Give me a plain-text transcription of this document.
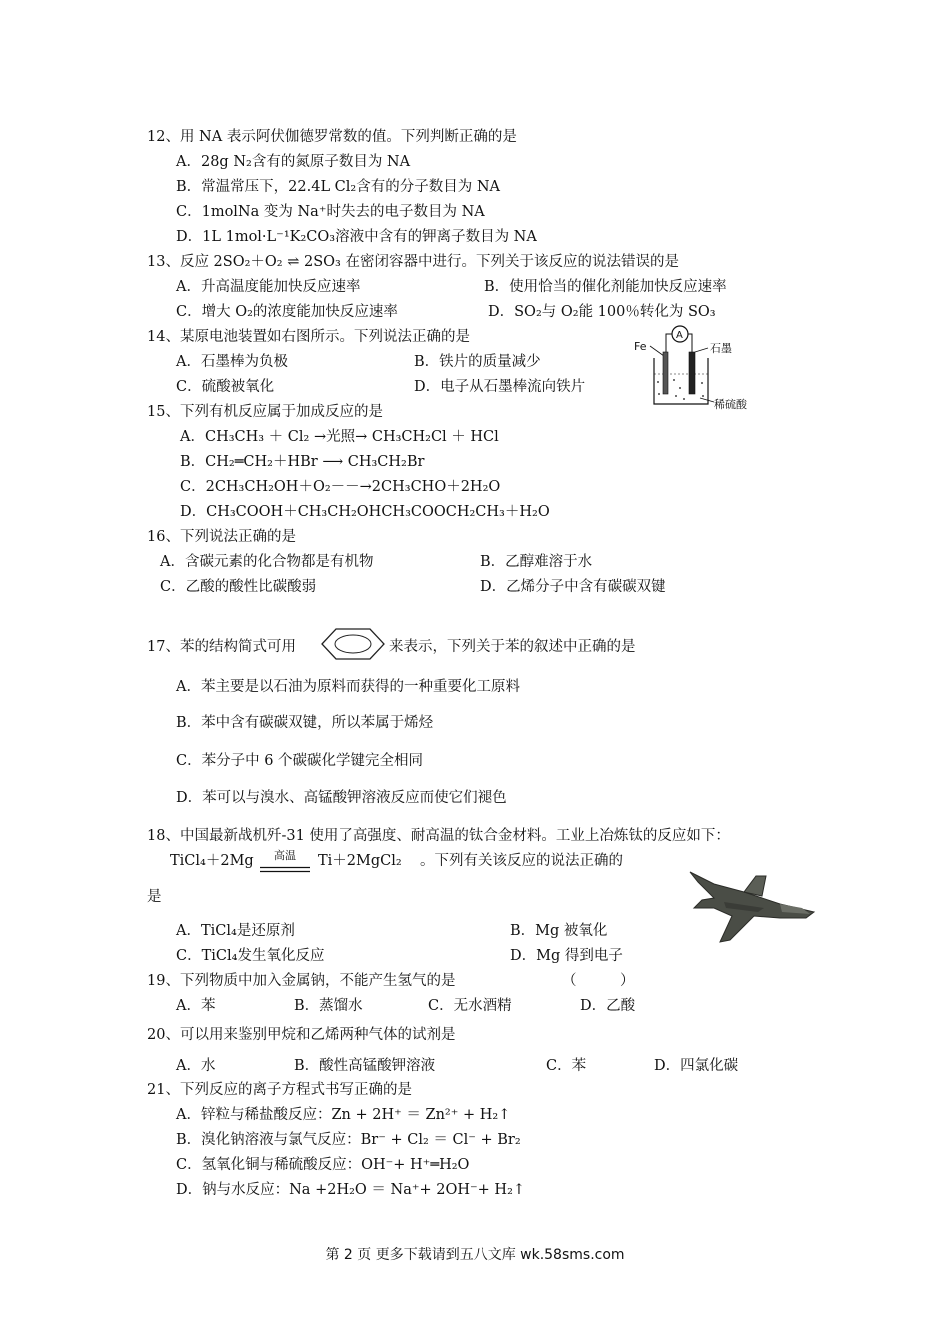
12、用 NA 表示阿伏伽德罗常数的值。下列判断正确的是
A．28g N₂含有的氮原子数目为 NA
B．常温常压下，22.4L Cl₂含有的分子数目为 NA
C．1molNa 变为 Na⁺时失去的电子数目为 NA
D．1L 1mol·L⁻¹K₂CO₃溶液中含有的钾离子数目为 NA
13、反应 2SO₂＋O₂ ⇌ 2SO₃ 在密闭容器中进行。下列关于该反应的说法错误的是
A．升高温度能加快反应速率	B．使用恰当的催化剂能加快反应速率
C．增大 O₂的浓度能加快反应速率	D．SO₂与 O₂能 100％转化为 SO₃
14、某原电池装置如右图所示。下列说法正确的是
A．石墨棒为负极	B．铁片的质量减少
C．硫酸被氧化	D．电子从石墨棒流向铁片
Fe
A
石墨
稀硫酸
15、下列有机反应属于加成反应的是
A．CH₃CH₃ ＋ Cl₂ →光照→ CH₃CH₂Cl ＋ HCl
B．CH₂═CH₂＋HBr ⟶ CH₃CH₂Br
C．2CH₃CH₂OH＋O₂－－→2CH₃CHO＋2H₂O
D．CH₃COOH＋CH₃CH₂OHCH₃COOCH₂CH₃＋H₂O
16、下列说法正确的是
A．含碳元素的化合物都是有机物	B．乙醇难溶于水
C．乙酸的酸性比碳酸弱	D．乙烯分子中含有碳碳双键
17、苯的结构简式可用	来表示，下列关于苯的叙述中正确的是
A．苯主要是以石油为原料而获得的一种重要化工原料
B．苯中含有碳碳双键，所以苯属于烯烃
C．苯分子中 6 个碳碳化学键完全相同
D．苯可以与溴水、高锰酸钾溶液反应而使它们褪色
18、中国最新战机歼-31 使用了高强度、耐高温的钛合金材料。工业上冶炼钛的反应如下：
TiCl₄＋2Mg	高温	Ti＋2MgCl₂ 。下列有关该反应的说法正确的
是
A．TiCl₄是还原剂	B．Mg 被氧化
C．TiCl₄发生氧化反应	D．Mg 得到电子
19、下列物质中加入金属钠，不能产生氢气的是	（　　　）
A．苯	B．蒸馏水	C．无水酒精	D．乙酸
20、可以用来鉴别甲烷和乙烯两种气体的试剂是
A．水	B．酸性高锰酸钾溶液	C．苯	D．四氯化碳
21、下列反应的离子方程式书写正确的是
A．锌粒与稀盐酸反应：Zn + 2H⁺ ＝ Zn²⁺ + H₂↑
B．溴化钠溶液与氯气反应：Br⁻ + Cl₂ ＝ Cl⁻ + Br₂
C．氢氧化铜与稀硫酸反应：OH⁻+ H⁺═H₂O
D．钠与水反应：Na +2H₂O ＝ Na⁺+ 2OH⁻+ H₂↑
第 2 页 更多下载请到五八文库 wk.58sms.com
